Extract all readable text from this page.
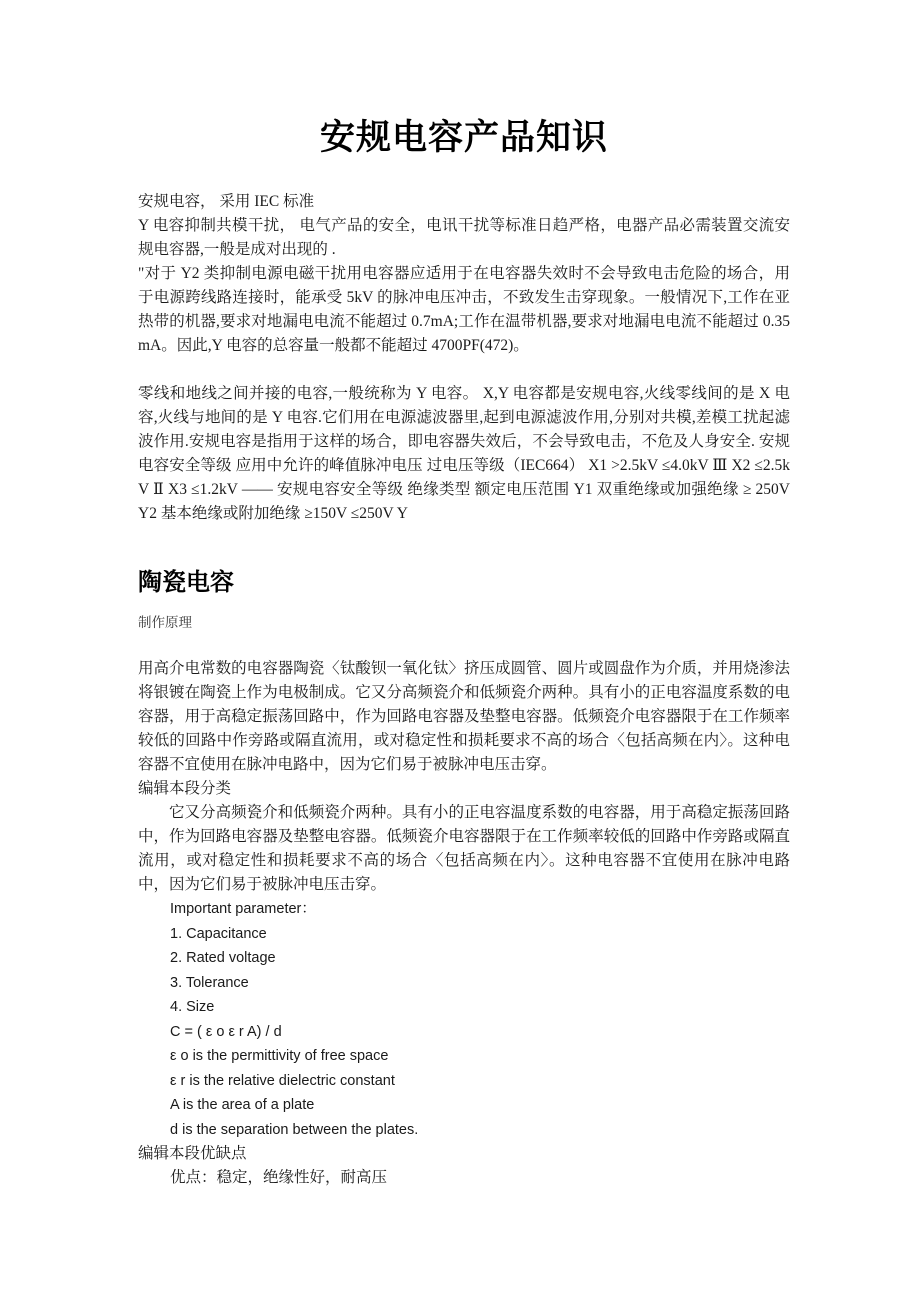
安规电容产品知识

安规电容， 采用 IEC 标准

Y 电容抑制共模干扰， 电气产品的安全，电讯干扰等标准日趋严格，电器产品必需装置交流安规电容器,一般是成对出现的 .

"对于 Y2 类抑制电源电磁干扰用电容器应适用于在电容器失效时不会导致电击危险的场合，用于电源跨线路连接时，能承受 5kV 的脉冲电压冲击，不致发生击穿现象。一般情况下,工作在亚热带的机器,要求对地漏电电流不能超过 0.7mA;工作在温带机器,要求对地漏电电流不能超过 0.35mA。因此,Y 电容的总容量一般都不能超过 4700PF(472)。

零线和地线之间并接的电容,一般统称为 Y 电容。 X,Y 电容都是安规电容,火线零线间的是 X 电容,火线与地间的是 Y 电容.它们用在电源滤波器里,起到电源滤波作用,分别对共模,差模工扰起滤波作用.安规电容是指用于这样的场合，即电容器失效后，不会导致电击，不危及人身安全. 安规电容安全等级 应用中允许的峰值脉冲电压 过电压等级（IEC664） X1 >2.5kV ≤4.0kV Ⅲ X2 ≤2.5kV Ⅱ X3 ≤1.2kV —— 安规电容安全等级 绝缘类型 额定电压范围 Y1 双重绝缘或加强绝缘 ≥ 250V Y2 基本绝缘或附加绝缘 ≥150V ≤250V Y

陶瓷电容

制作原理

用高介电常数的电容器陶瓷〈钛酸钡一氧化钛〉挤压成圆管、圆片或圆盘作为介质，并用烧渗法将银镀在陶瓷上作为电极制成。它又分高频瓷介和低频瓷介两种。具有小的正电容温度系数的电容器，用于高稳定振荡回路中，作为回路电容器及垫整电容器。低频瓷介电容器限于在工作频率较低的回路中作旁路或隔直流用，或对稳定性和损耗要求不高的场合〈包括高频在内〉。这种电容器不宜使用在脉冲电路中，因为它们易于被脉冲电压击穿。

编辑本段分类

它又分高频瓷介和低频瓷介两种。具有小的正电容温度系数的电容器，用于高稳定振荡回路中，作为回路电容器及垫整电容器。低频瓷介电容器限于在工作频率较低的回路中作旁路或隔直流用，或对稳定性和损耗要求不高的场合〈包括高频在内〉。这种电容器不宜使用在脉冲电路中，因为它们易于被脉冲电压击穿。

Important parameter：

1. Capacitance

2. Rated voltage

3. Tolerance

4. Size

C = ( ε o ε r A) / d

ε o is the permittivity of free space

ε r is the relative dielectric constant

A is the area of a plate

d is the separation between the plates.

编辑本段优缺点

优点：稳定，绝缘性好，耐高压
